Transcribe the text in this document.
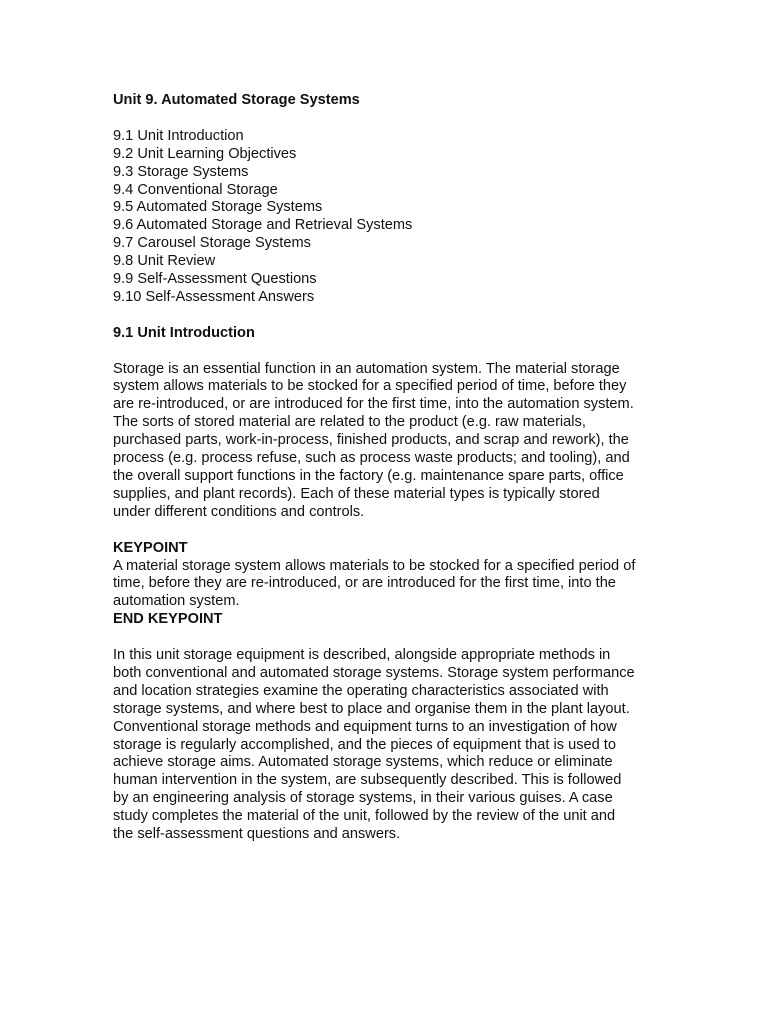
Unit 9. Automated Storage Systems

9.1 Unit Introduction
9.2 Unit Learning Objectives
9.3 Storage Systems
9.4 Conventional Storage
9.5 Automated Storage Systems
9.6 Automated Storage and Retrieval Systems
9.7 Carousel Storage Systems
9.8 Unit Review
9.9 Self-Assessment Questions
9.10 Self-Assessment Answers

9.1 Unit Introduction

Storage is an essential function in an automation system. The material storage
system allows materials to be stocked for a specified period of time, before they
are re-introduced, or are introduced for the first time, into the automation system.
The sorts of stored material are related to the product (e.g. raw materials,
purchased parts, work-in-process, finished products, and scrap and rework), the
process (e.g. process refuse, such as process waste products; and tooling), and
the overall support functions in the factory (e.g. maintenance spare parts, office
supplies, and plant records). Each of these material types is typically stored
under different conditions and controls.

KEYPOINT

A material storage system allows materials to be stocked for a specified period of
time, before they are re-introduced, or are introduced for the first time, into the
automation system.

END KEYPOINT

In this unit storage equipment is described, alongside appropriate methods in
both conventional and automated storage systems. Storage system performance
and location strategies examine the operating characteristics associated with
storage systems, and where best to place and organise them in the plant layout.
Conventional storage methods and equipment turns to an investigation of how
storage is regularly accomplished, and the pieces of equipment that is used to
achieve storage aims. Automated storage systems, which reduce or eliminate
human intervention in the system, are subsequently described. This is followed
by an engineering analysis of storage systems, in their various guises. A case
study completes the material of the unit, followed by the review of the unit and
the self-assessment questions and answers.
